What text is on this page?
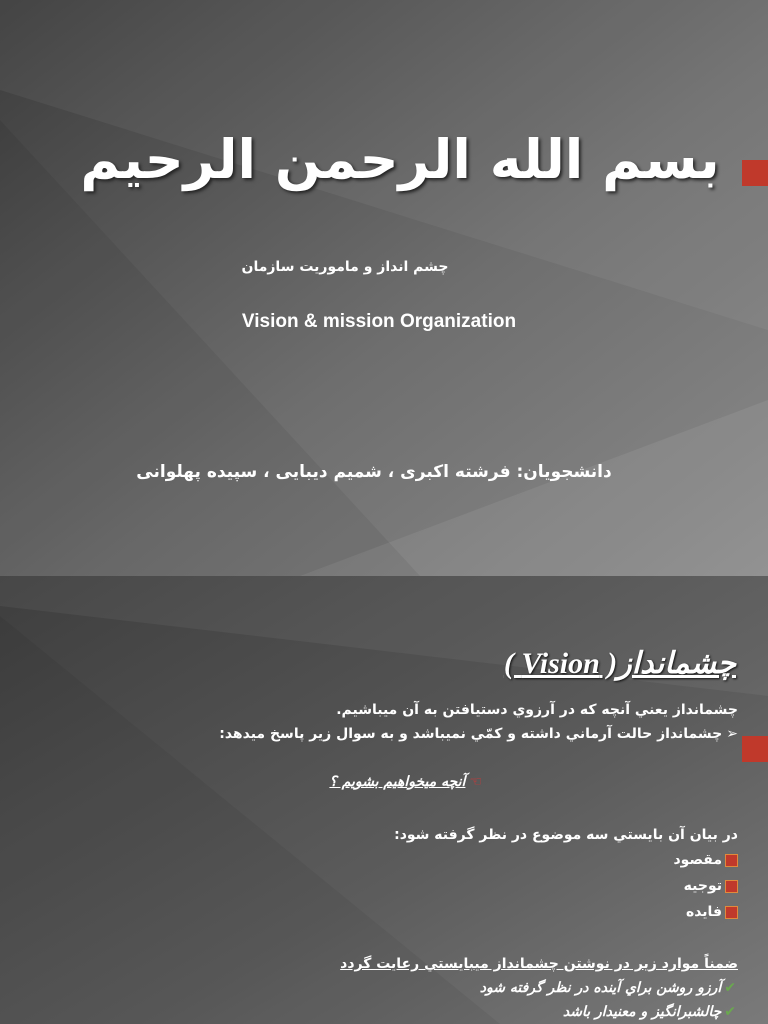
بسم الله الرحمن الرحیم
چشم انداز و ماموریت سازمان
Vision & mission Organization
دانشجویان: فرشته اکبری ، شمیم دیبایی ، سپیده پهلوانی
چشمانداز( Vision )
چشمانداز يعني آنچه كه در آرزوي دستيافتن به آن ميباشيم.
➢چشمانداز حالت آرماني داشته و كمّي نميباشد و به سوال زير پاسخ ميدهد:
☜آنچه ميخواهيم بشويم ؟
در بيان آن بايستي سه موضوع در نظر گرفته شود:
مقصود
توجيه
فايده
ضمناً موارد زير در نوشتن چشمانداز ميبايستي رعايت گردد
✔آرزو روشن براي آينده در نظر گرفته شود
✔چالشبرانگيز و معنيدار باشد
